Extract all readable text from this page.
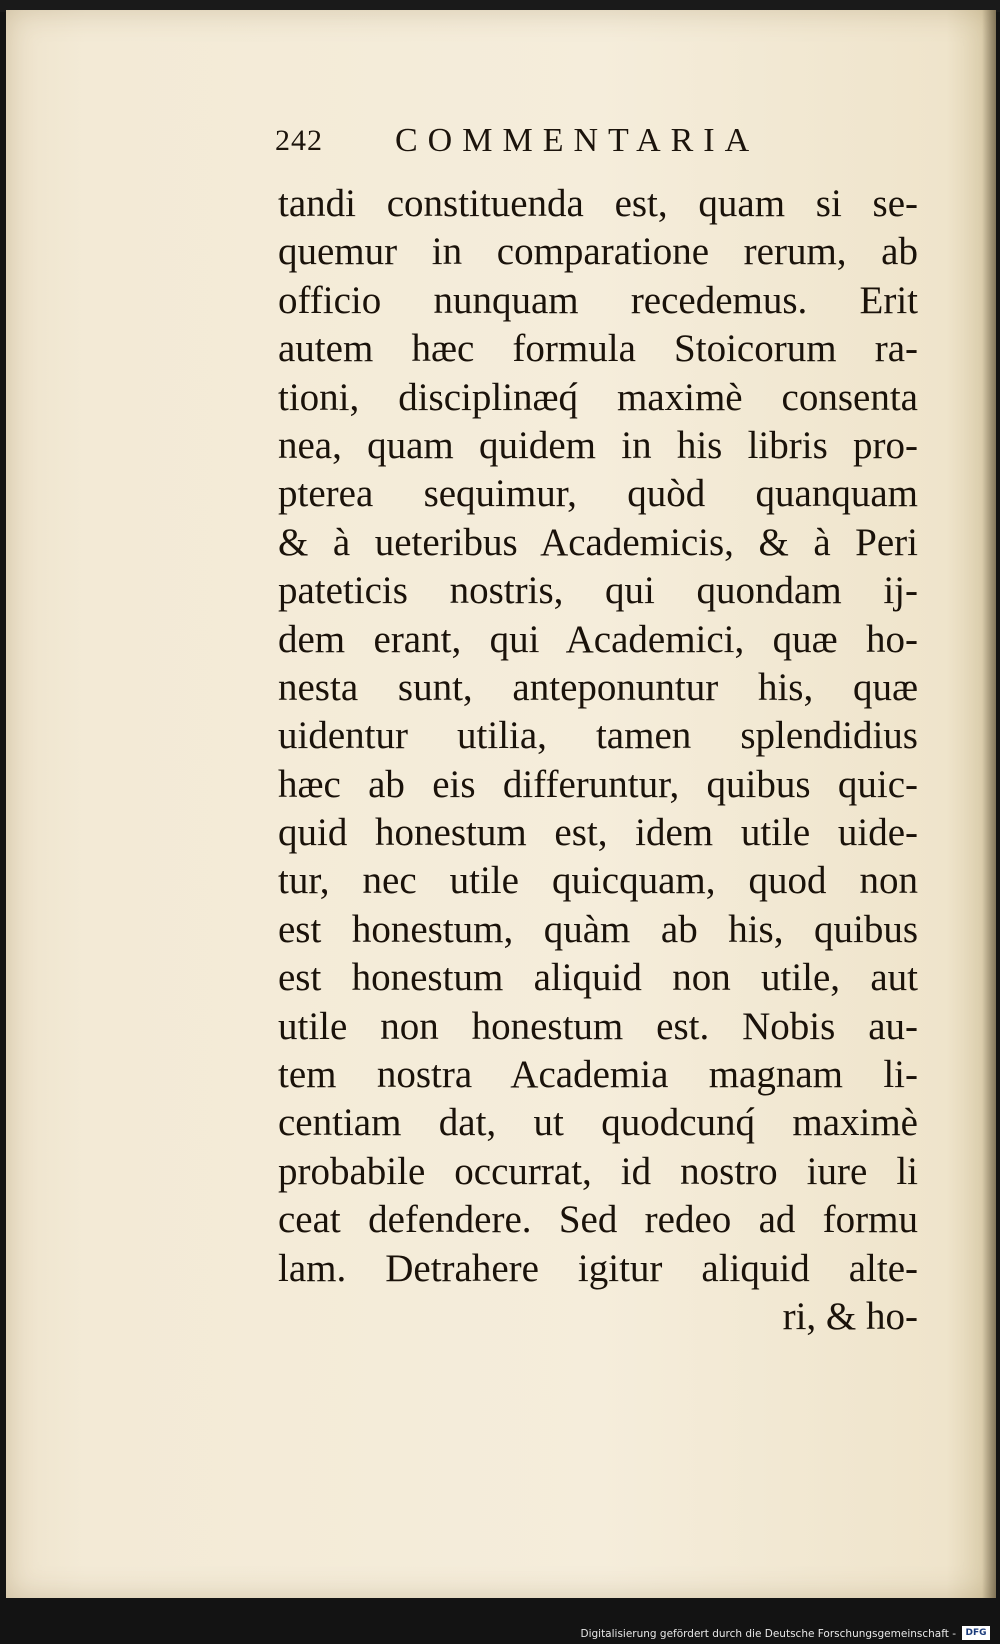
242 COMMENTARIA
tandi constituenda est, quam si se-
quemur in comparatione rerum, ab
officio nunquam recedemus. Erit
autem hæc formula Stoicorum ra-
tioni, disciplinæq́ maximè consenta
nea, quam quidem in his libris pro-
pterea sequimur, quòd quanquam
& à ueteribus Academicis, & à Peri
pateticis nostris, qui quondam ij-
dem erant, qui Academici, quæ ho-
nesta sunt, anteponuntur his, quæ
uidentur utilia, tamen splendidius
hæc ab eis differuntur, quibus quic-
quid honestum est, idem utile uide-
tur, nec utile quicquam, quod non
est honestum, quàm ab his, quibus
est honestum aliquid non utile, aut
utile non honestum est. Nobis au-
tem nostra Academia magnam li-
centiam dat, ut quodcunq́ maximè
probabile occurrat, id nostro iure li
ceat defendere. Sed redeo ad formu
lam. Detrahere igitur aliquid alte-
ri, & ho-
Digitalisierung gefördert durch die Deutsche Forschungsgemeinschaft -	DFG
